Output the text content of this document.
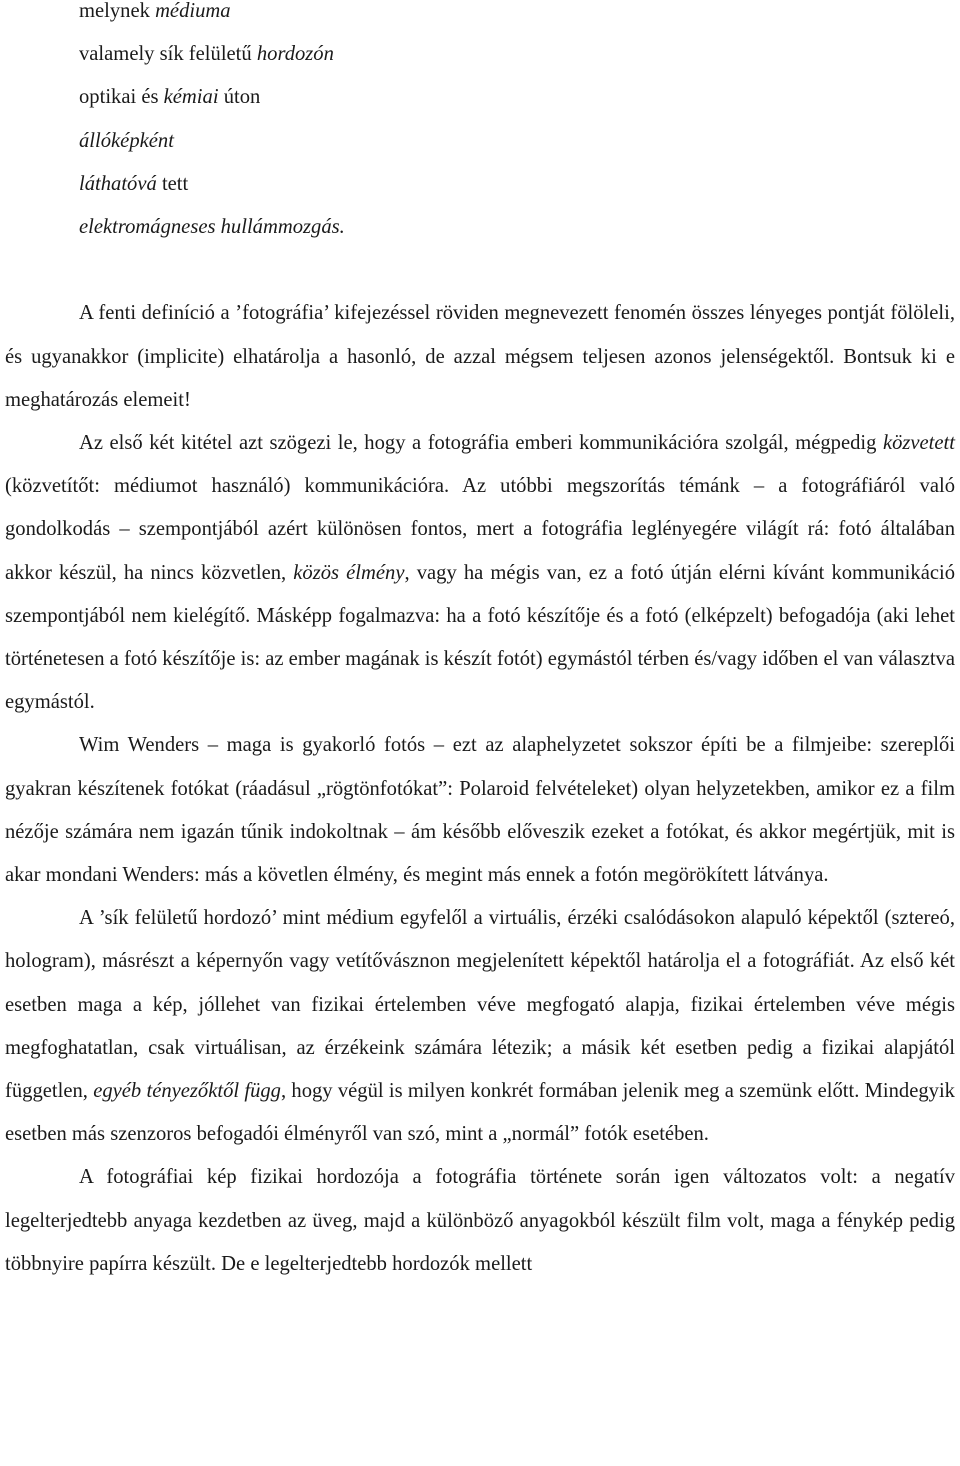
melynek médiuma
valamely sík felületű hordozón
optikai és kémiai úton
állóképként
láthatóvá tett
elektromágneses hullámmozgás.

A fenti definíció a ’fotográfia’ kifejezéssel röviden megnevezett fenomén összes lényeges pontját fölöleli, és ugyanakkor (implicite) elhatárolja a hasonló, de azzal mégsem teljesen azonos jelenségektől. Bontsuk ki e meghatározás elemeit!

Az első két kitétel azt szögezi le, hogy a fotográfia emberi kommunikációra szolgál, mégpedig közvetett (közvetítőt: médiumot használó) kommunikációra. Az utóbbi megszorítás témánk – a fotográfiáról való gondolkodás – szempontjából azért különösen fontos, mert a fotográfia leglényegére világít rá: fotó általában akkor készül, ha nincs közvetlen, közös élmény, vagy ha mégis van, ez a fotó útján elérni kívánt kommunikáció szempontjából nem kielégítő. Másképp fogalmazva: ha a fotó készítője és a fotó (elképzelt) befogadója (aki lehet történetesen a fotó készítője is: az ember magának is készít fotót) egymástól térben és/vagy időben el van választva egymástól.

Wim Wenders – maga is gyakorló fotós – ezt az alaphelyzetet sokszor építi be a filmjeibe: szereplői gyakran készítenek fotókat (ráadásul „rögtönfotókat”: Polaroid felvételeket) olyan helyzetekben, amikor ez a film nézője számára nem igazán tűnik indokoltnak – ám később előveszik ezeket a fotókat, és akkor megértjük, mit is akar mondani Wenders: más a követlen élmény, és megint más ennek a fotón megörökített látványa.

A ’sík felületű hordozó’ mint médium egyfelől a virtuális, érzéki csalódásokon alapuló képektől (sztereó, hologram), másrészt a képernyőn vagy vetítővásznon megjelenített képektől határolja el a fotográfiát. Az első két esetben maga a kép, jóllehet van fizikai értelemben véve megfogató alapja, fizikai értelemben véve mégis megfoghatatlan, csak virtuálisan, az érzékeink számára létezik; a másik két esetben pedig a fizikai alapjától független, egyéb tényezőktől függ, hogy végül is milyen konkrét formában jelenik meg a szemünk előtt. Mindegyik esetben más szenzoros befogadói élményről van szó, mint a „normál” fotók esetében.

A fotográfiai kép fizikai hordozója a fotográfia története során igen változatos volt: a negatív legelterjedtebb anyaga kezdetben az üveg, majd a különböző anyagokból készült film volt, maga a fénykép pedig többnyire papírra készült. De e legelterjedtebb hordozók mellett
